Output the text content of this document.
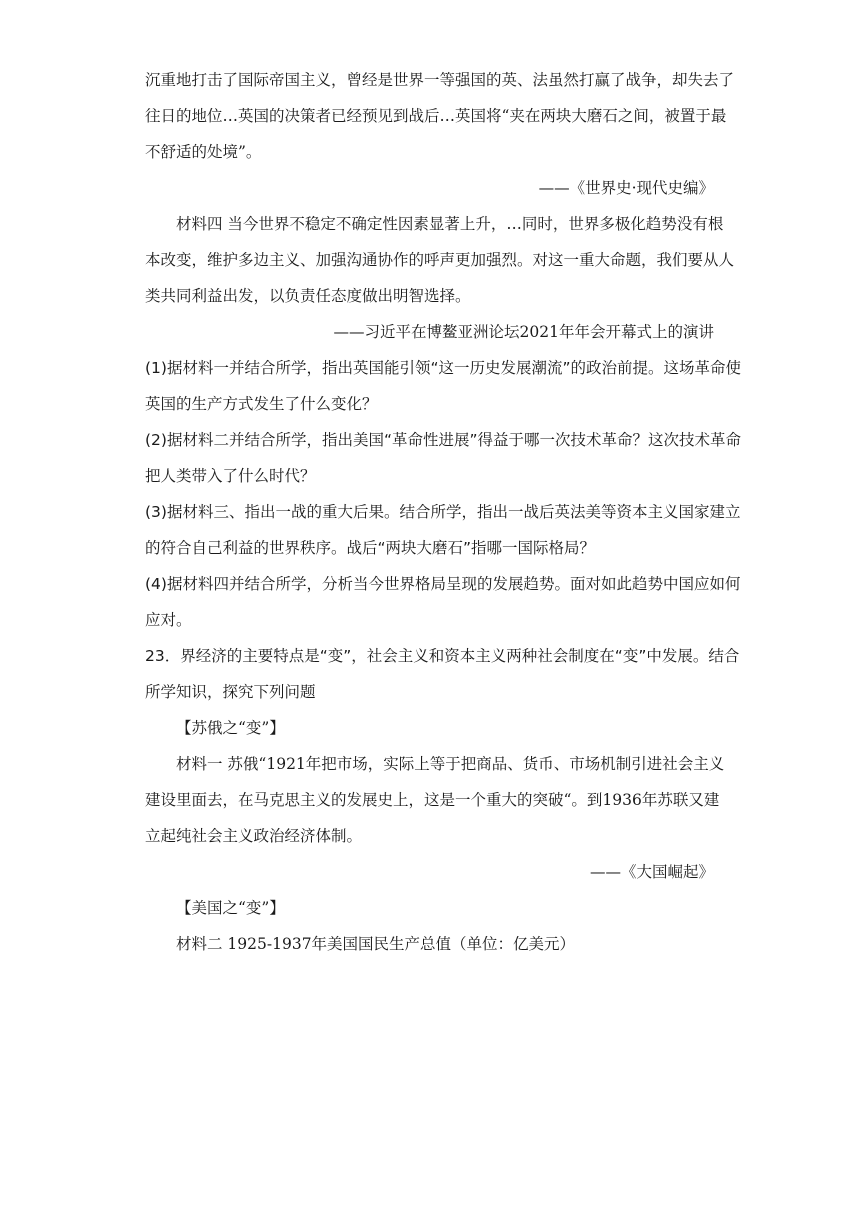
沉重地打击了国际帝国主义，曾经是世界一等强国的英、法虽然打赢了战争，却失去了
往日的地位…英国的决策者已经预见到战后…英国将“夹在两块大磨石之间，被置于最
不舒适的处境”。
——《世界史·现代史编》
材料四 当今世界不稳定不确定性因素显著上升，…同时，世界多极化趋势没有根
本改变，维护多边主义、加强沟通协作的呼声更加强烈。对这一重大命题，我们要从人
类共同利益出发，以负责任态度做出明智选择。
——习近平在博鳌亚洲论坛2021年年会开幕式上的演讲
(1)据材料一并结合所学，指出英国能引领“这一历史发展潮流”的政治前提。这场革命使
英国的生产方式发生了什么变化？
(2)据材料二并结合所学，指出美国“革命性进展”得益于哪一次技术革命？这次技术革命
把人类带入了什么时代？
(3)据材料三、指出一战的重大后果。结合所学，指出一战后英法美等资本主义国家建立
的符合自己利益的世界秩序。战后“两块大磨石”指哪一国际格局？
(4)据材料四并结合所学，分析当今世界格局呈现的发展趋势。面对如此趋势中国应如何
应对。
23．界经济的主要特点是“变”，社会主义和资本主义两种社会制度在“变”中发展。结合
所学知识，探究下列问题
【苏俄之“变”】
材料一 苏俄“1921年把市场，实际上等于把商品、货币、市场机制引进社会主义
建设里面去，在马克思主义的发展史上，这是一个重大的突破“。到1936年苏联又建
立起纯社会主义政治经济体制。
——《大国崛起》
【美国之“变”】
材料二 1925-1937年美国国民生产总值（单位：亿美元）
